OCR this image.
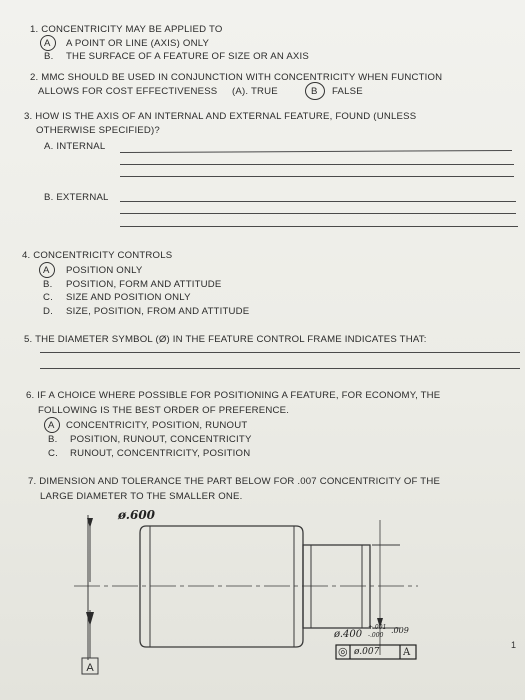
1. CONCENTRICITY MAY BE APPLIED TO
A A POINT OR LINE (AXIS) ONLY
B. THE SURFACE OF A FEATURE OF SIZE OR AN AXIS
2. MMC SHOULD BE USED IN CONJUNCTION WITH CONCENTRICITY WHEN FUNCTION
ALLOWS FOR COST EFFECTIVENESS (A). TRUE	B FALSE
3. HOW IS THE AXIS OF AN INTERNAL AND EXTERNAL FEATURE, FOUND (UNLESS
OTHERWISE SPECIFIED)?
A. INTERNAL
B. EXTERNAL
4. CONCENTRICITY CONTROLS
A POSITION ONLY
B. POSITION, FORM AND ATTITUDE
C. SIZE AND POSITION ONLY
D. SIZE, POSITION, FROM AND ATTITUDE
5. THE DIAMETER SYMBOL (Ø) IN THE FEATURE CONTROL FRAME INDICATES THAT:
6. IF A CHOICE WHERE POSSIBLE FOR POSITIONING A FEATURE, FOR ECONOMY, THE
FOLLOWING IS THE BEST ORDER OF PREFERENCE.
A CONCENTRICITY, POSITION, RUNOUT
B. POSITION, RUNOUT, CONCENTRICITY
C. RUNOUT, CONCENTRICITY, POSITION
7. DIMENSION AND TOLERANCE THE PART BELOW FOR .007 CONCENTRICITY OF THE
LARGE DIAMETER TO THE SMALLER ONE.
A
ø.600
ø.400
+.001
-.000
.009
◎ ø.007 A
1
